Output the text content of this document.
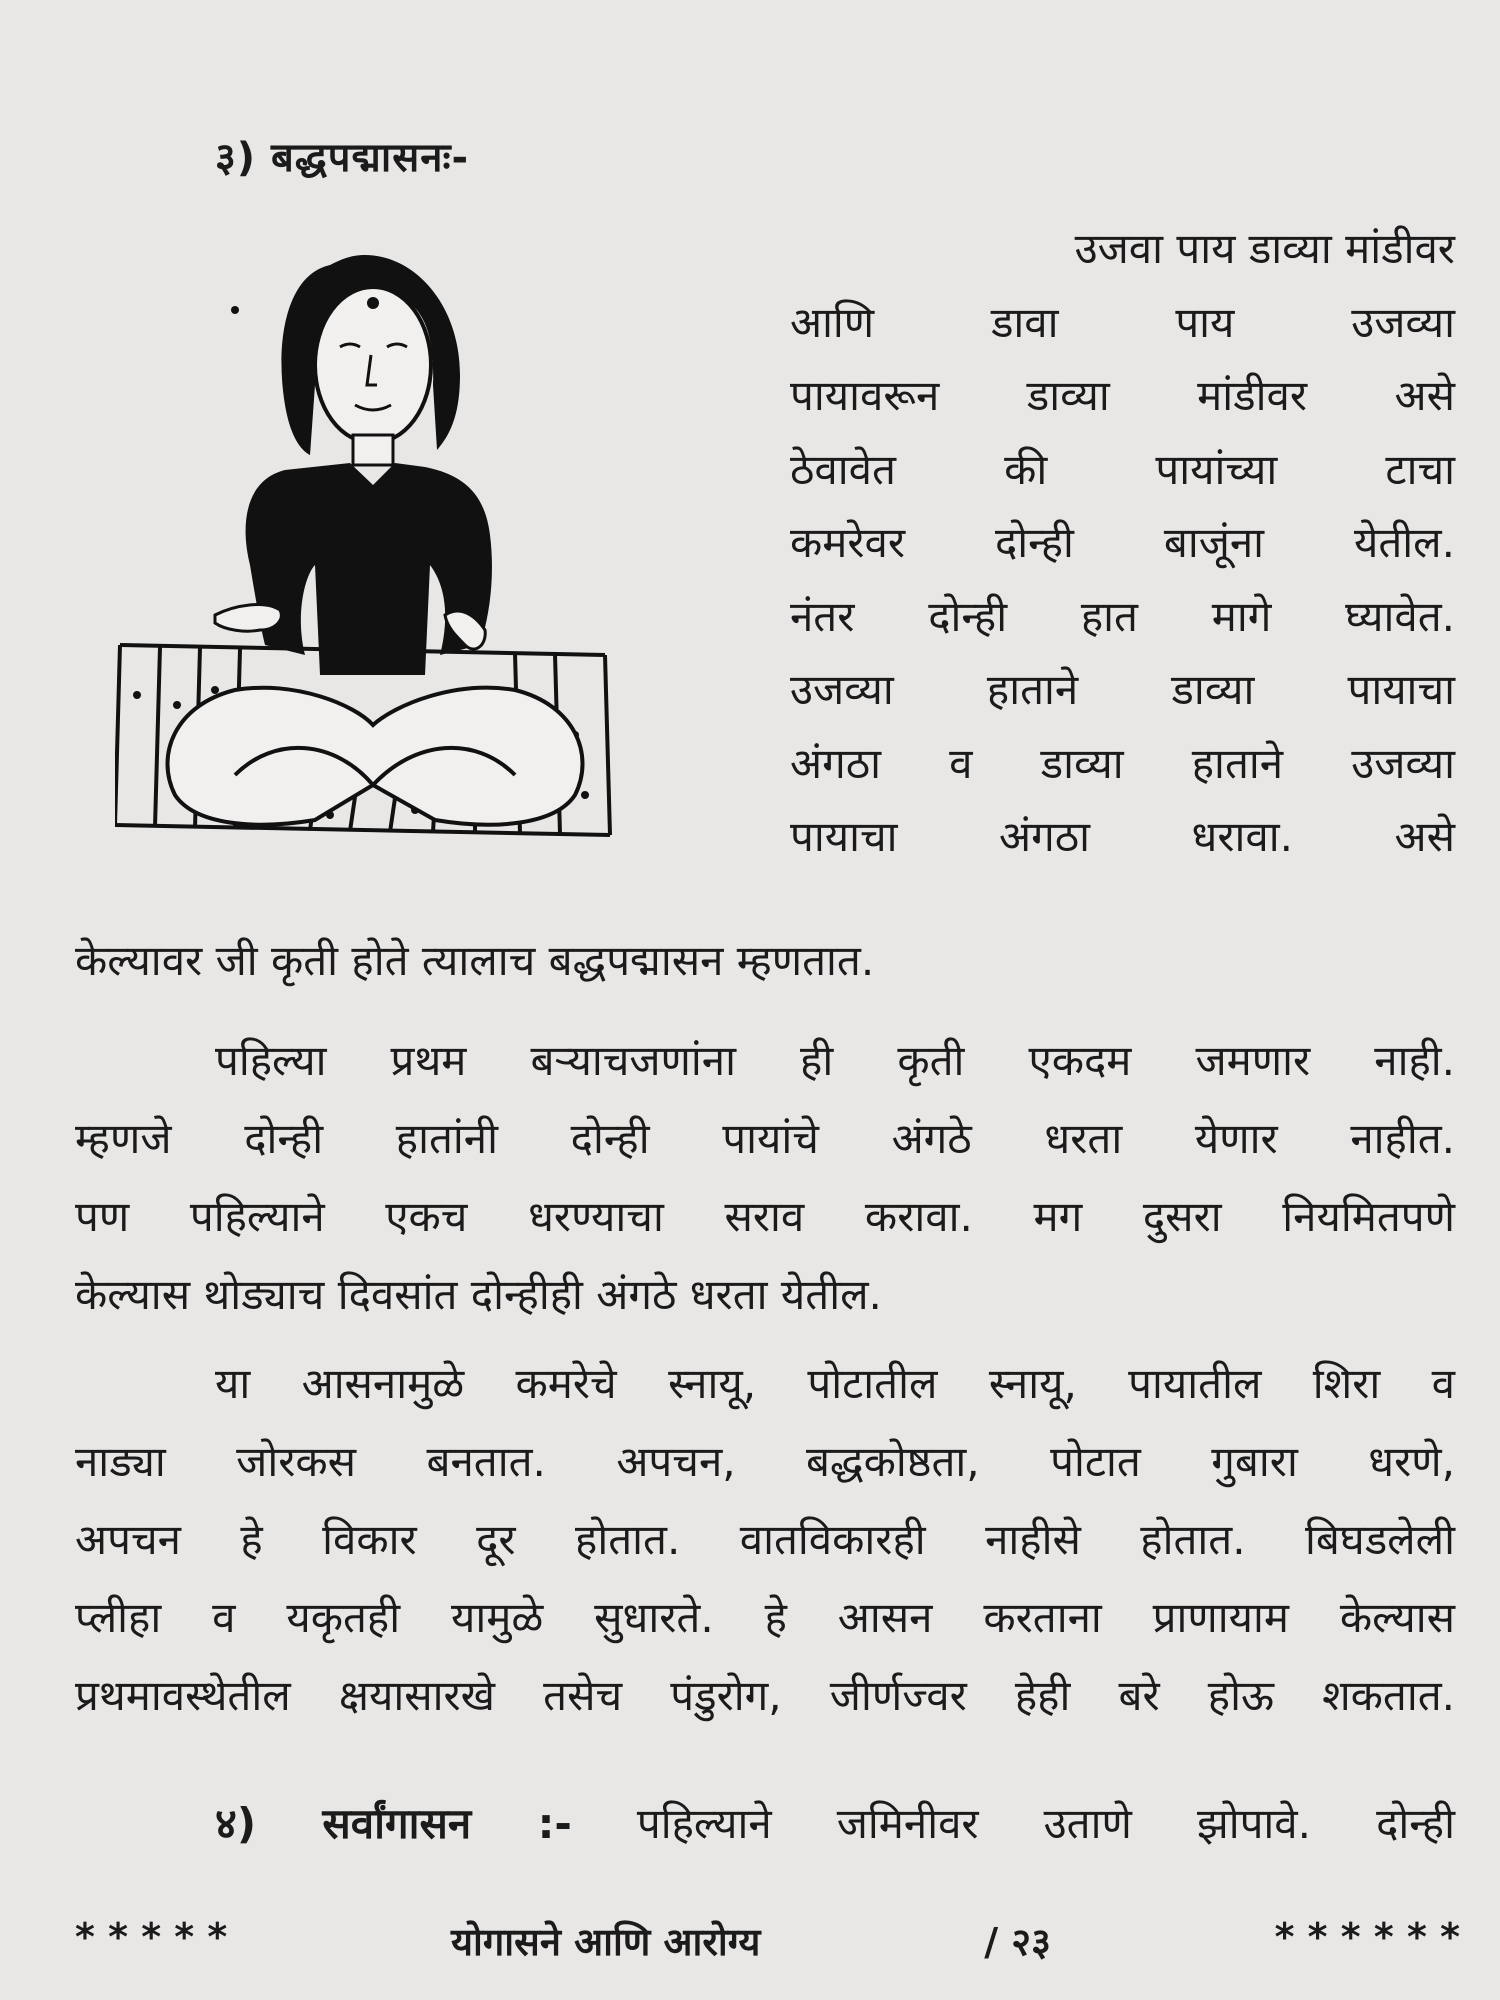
३) बद्धपद्मासनः-
उजवा पाय डाव्या मांडीवर
आणि डावा पाय उजव्या
पायावरून डाव्या मांडीवर असे
ठेवावेत की पायांच्या टाचा
कमरेवर दोन्ही बाजूंना येतील.
नंतर दोन्ही हात मागे घ्यावेत.
उजव्या हाताने डाव्या पायाचा
अंगठा व डाव्या हाताने उजव्या
पायाचा अंगठा धरावा. असे
केल्यावर जी कृती होते त्यालाच बद्धपद्मासन म्हणतात.
पहिल्या प्रथम बऱ्याचजणांना ही कृती एकदम जमणार नाही.
म्हणजे दोन्ही हातांनी दोन्ही पायांचे अंगठे धरता येणार नाहीत.
पण पहिल्याने एकच धरण्याचा सराव करावा. मग दुसरा नियमितपणे
केल्यास थोड्याच दिवसांत दोन्हीही अंगठे धरता येतील.
या आसनामुळे कमरेचे स्नायू, पोटातील स्नायू, पायातील शिरा व
नाड्या जोरकस बनतात. अपचन, बद्धकोष्ठता, पोटात गुबारा धरणे,
अपचन हे विकार दूर होतात. वातविकारही नाहीसे होतात. बिघडलेली
प्लीहा व यकृतही यामुळे सुधारते. हे आसन करताना प्राणायाम केल्यास
प्रथमावस्थेतील क्षयासारखे तसेच पंडुरोग, जीर्णज्वर हेही बरे होऊ शकतात.
४) सर्वांगासन :- पहिल्याने जमिनीवर उताणे झोपावे. दोन्ही
* * * * *	योगासने आणि आरोग्य	/ २३	* * * * * *
